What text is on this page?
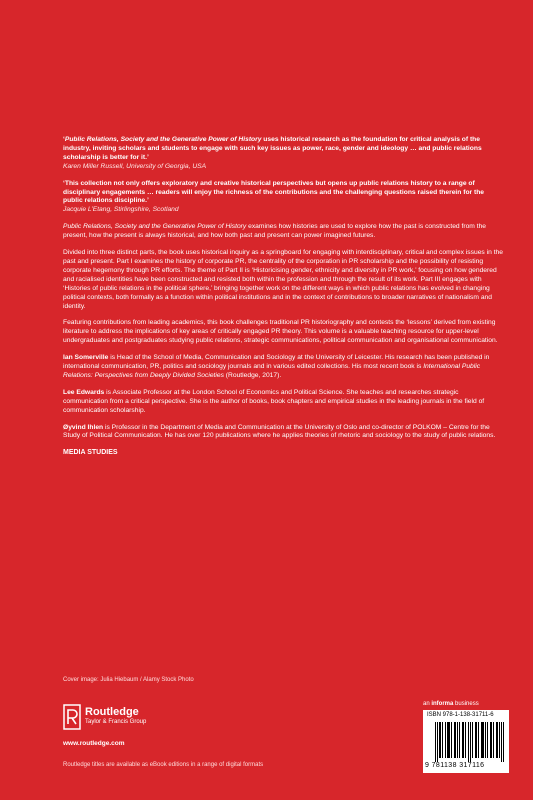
‘Public Relations, Society and the Generative Power of History uses historical research as the foundation for critical analysis of the industry, inviting scholars and students to engage with such key issues as power, race, gender and ideology … and public relations scholarship is better for it.’

Karen Miller Russell, University of Georgia, USA

‘This collection not only offers exploratory and creative historical perspectives but opens up public relations history to a range of disciplinary engagements … readers will enjoy the richness of the contributions and the challenging questions raised therein for the public relations discipline.’

Jacquie L’Etang, Stirlingshire, Scotland

Public Relations, Society and the Generative Power of History examines how histories are used to explore how the past is constructed from the present, how the present is always historical, and how both past and present can power imagined futures.

Divided into three distinct parts, the book uses historical inquiry as a springboard for engaging with interdisciplinary, critical and complex issues in the past and present. Part I examines the history of corporate PR, the centrality of the corporation in PR scholarship and the possibility of resisting corporate hegemony through PR efforts. The theme of Part II is ‘Historicising gender, ethnicity and diversity in PR work,’ focusing on how gendered and racialised identities have been constructed and resisted both within the profession and through the result of its work. Part III engages with ‘Histories of public relations in the political sphere,’ bringing together work on the different ways in which public relations has evolved in changing political contexts, both formally as a function within political institutions and in the context of contributions to broader narratives of nationalism and identity.

Featuring contributions from leading academics, this book challenges traditional PR historiography and contests the ‘lessons’ derived from existing literature to address the implications of key areas of critically engaged PR theory. This volume is a valuable teaching resource for upper-level undergraduates and postgraduates studying public relations, strategic communications, political communication and organisational communication.

Ian Somerville is Head of the School of Media, Communication and Sociology at the University of Leicester. His research has been published in international communication, PR, politics and sociology journals and in various edited collections. His most recent book is International Public Relations: Perspectives from Deeply Divided Societies (Routledge, 2017).

Lee Edwards is Associate Professor at the London School of Economics and Political Science. She teaches and researches strategic communication from a critical perspective. She is the author of books, book chapters and empirical studies in the leading journals in the field of communication scholarship.

Øyvind Ihlen is Professor in the Department of Media and Communication at the University of Oslo and co-director of POLKOM – Centre for the Study of Political Communication. He has over 120 publications where he applies theories of rhetoric and sociology to the study of public relations.

MEDIA STUDIES
Cover image: Julia Hiebaum / Alamy Stock Photo
Routledge
Taylor & Francis Group
www.routledge.com
Routledge titles are available as eBook editions in a range of digital formats
an informa business
ISBN 978-1-138-31711-6
9 781138 317116
